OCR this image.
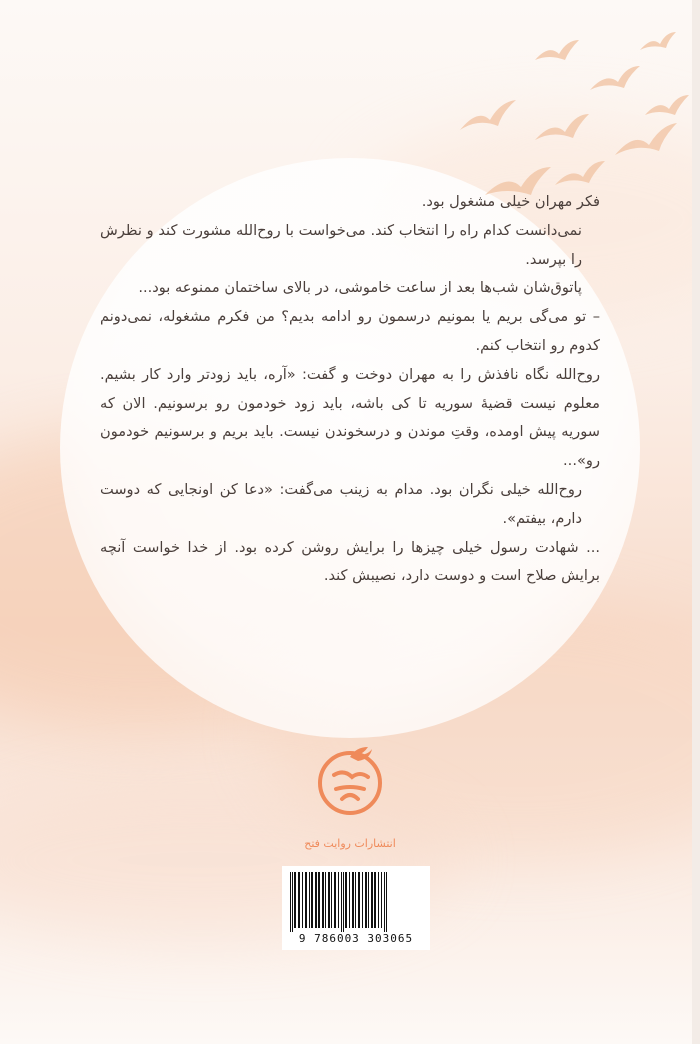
فکر مهران خیلی مشغول بود.

نمی‌دانست کدام راه را انتخاب کند. می‌خواست با روح‌الله مشورت کند و نظرش را بپرسد.

پاتوق‌شان شب‌ها بعد از ساعت خاموشی، در بالای ساختمان ممنوعه بود...

– تو می‌گی بریم یا بمونیم درسمون رو ادامه بدیم؟ من فکرم مشغوله، نمی‌دونم کدوم رو انتخاب کنم.

روح‌الله نگاه نافذش را به مهران دوخت و گفت: «آره، باید زودتر وارد کار بشیم. معلوم نیست قضیۀ سوریه تا کی باشه، باید زود خودمون رو برسونیم. الان که سوریه پیش اومده، وقتِ موندن و درسخوندن نیست. باید بریم و برسونیم خودمون رو»...

روح‌الله خیلی نگران بود. مدام به زینب می‌گفت: «دعا کن اونجایی که دوست دارم، بیفتم».

... شهادت رسول خیلی چیزها را برایش روشن کرده بود. از خدا خواست آنچه برایش صلاح است و دوست دارد، نصیبش کند.

انتشارات روایت فتح
9 786003 303065
